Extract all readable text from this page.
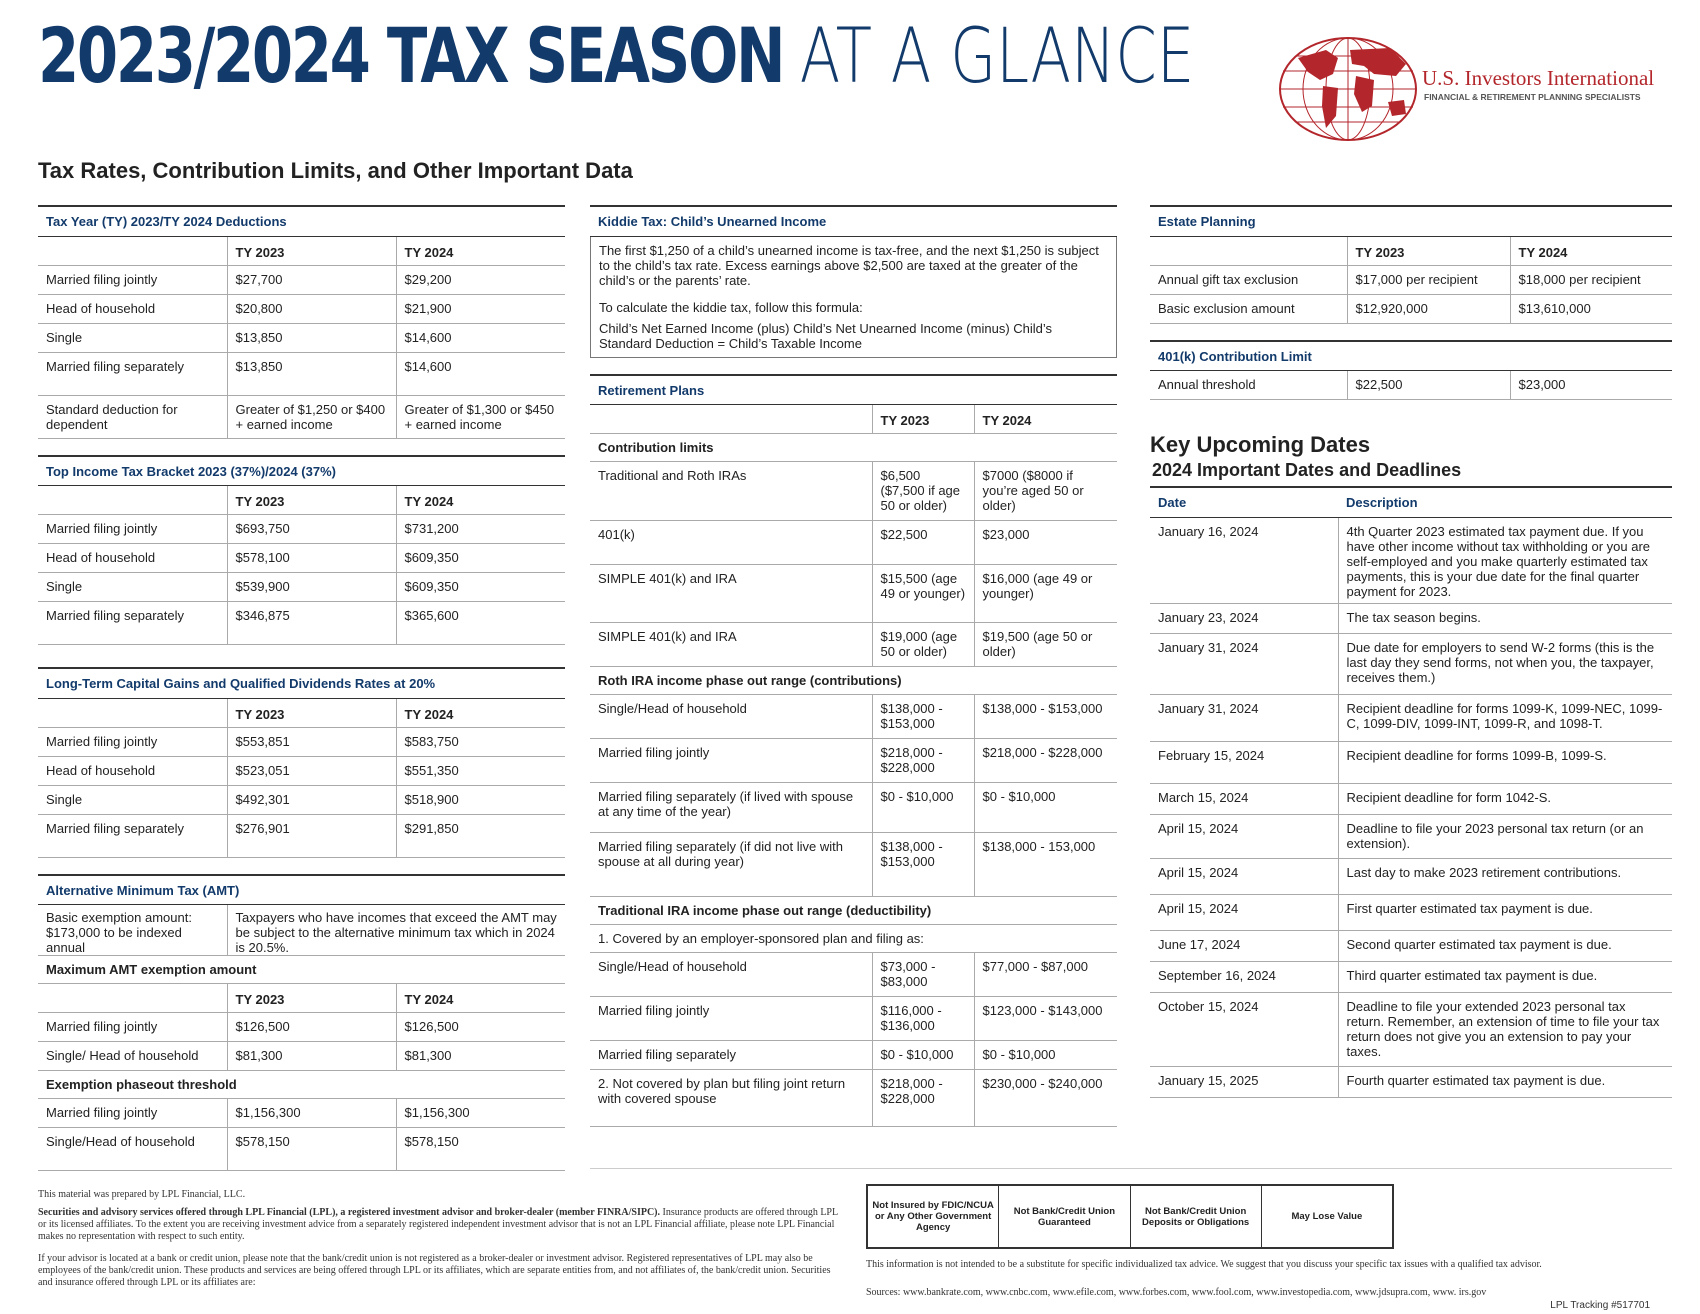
2023/2024 TAX SEASON AT A GLANCE	U.S. Investors International
FINANCIAL & RETIREMENT PLANNING SPECIALISTS
Tax Rates, Contribution Limits, and Other Important Data
Tax Year (TY) 2023/TY 2024 Deductions		
	TY 2023	TY 2024
Married filing jointly	$27,700	$29,200
Head of household	$20,800	$21,900
Single	$13,850	$14,600
Married filing separately	$13,850	$14,600
Standard deduction for dependent	Greater of $1,250 or $400 + earned income	Greater of $1,300 or $450 + earned income
Top Income Tax Bracket 2023 (37%)/2024 (37%)		
	TY 2023	TY 2024
Married filing jointly	$693,750	$731,200
Head of household	$578,100	$609,350
Single	$539,900	$609,350
Married filing separately	$346,875	$365,600
Long-Term Capital Gains and Qualified Dividends Rates at 20%		
	TY 2023	TY 2024
Married filing jointly	$553,851	$583,750
Head of household	$523,051	$551,350
Single	$492,301	$518,900
Married filing separately	$276,901	$291,850
Alternative Minimum Tax (AMT)		
Basic exemption amount: $173,000 to be indexed annual	Taxpayers who have incomes that exceed the AMT may be subject to the alternative minimum tax which in 2024 is 20.5%.	
Maximum AMT exemption amount		
	TY 2023	TY 2024
Married filing jointly	$126,500	$126,500
Single/ Head of household	$81,300	$81,300
Exemption phaseout threshold		
Married filing jointly	$1,156,300	$1,156,300
Single/Head of household	$578,150	$578,150
Kiddie Tax: Child’s Unearned Income

The first $1,250 of a child’s unearned income is tax-free, and the next $1,250 is subject to the child’s tax rate. Excess earnings above $2,500 are taxed at the greater of the child’s or the parents’ rate.

To calculate the kiddie tax, follow this formula:

Child’s Net Earned Income (plus) Child’s Net Unearned Income (minus) Child’s Standard Deduction = Child’s Taxable Income

Retirement Plans		
	TY 2023	TY 2024
Contribution limits		
Traditional and Roth IRAs	$6,500 ($7,500 if age 50 or older)	$7000 ($8000 if you’re aged 50 or older)
401(k)	$22,500	$23,000
SIMPLE 401(k) and IRA	$15,500 (age 49 or younger)	$16,000 (age 49 or younger)
SIMPLE 401(k) and IRA	$19,000 (age 50 or older)	$19,500 (age 50 or older)
Roth IRA income phase out range (contributions)		
Single/Head of household	$138,000 - $153,000	$138,000 - $153,000
Married filing jointly	$218,000 - $228,000	$218,000 - $228,000
Married filing separately (if lived with spouse at any time of the year)	$0 - $10,000	$0 - $10,000
Married filing separately (if did not live with spouse at all during year)	$138,000 - $153,000	$138,000 - 153,000
Traditional IRA income phase out range (deductibility)		
1. Covered by an employer-sponsored plan and filing as:		
Single/Head of household	$73,000 - $83,000	$77,000 - $87,000
Married filing jointly	$116,000 - $136,000	$123,000 - $143,000
Married filing separately	$0 - $10,000	$0 - $10,000
2. Not covered by plan but filing joint return with covered spouse	$218,000 - $228,000	$230,000 - $240,000
Estate Planning		
	TY 2023	TY 2024
Annual gift tax exclusion	$17,000 per recipient	$18,000 per recipient
Basic exclusion amount	$12,920,000	$13,610,000
401(k) Contribution Limit
Annual threshold	$22,500	$23,000
Key Upcoming Dates
2024 Important Dates and Deadlines
Date	Description
January 16, 2024	4th Quarter 2023 estimated tax payment due. If you have other income without tax withholding or you are self-employed and you make quarterly estimated tax payments, this is your due date for the final quarter payment for 2023.
January 23, 2024	The tax season begins.
January 31, 2024	Due date for employers to send W-2 forms (this is the last day they send forms, not when you, the taxpayer, receives them.)
January 31, 2024	Recipient deadline for forms 1099-K, 1099-NEC, 1099-C, 1099-DIV, 1099-INT, 1099-R, and 1098-T.
February 15, 2024	Recipient deadline for forms 1099-B, 1099-S.
March 15, 2024	Recipient deadline for form 1042-S.
April 15, 2024	Deadline to file your 2023 personal tax return (or an extension).
April 15, 2024	Last day to make 2023 retirement contributions.
April 15, 2024	First quarter estimated tax payment is due.
June 17, 2024	Second quarter estimated tax payment is due.
September 16, 2024	Third quarter estimated tax payment is due.
October 15, 2024	Deadline to file your extended 2023 personal tax return. Remember, an extension of time to file your tax return does not give you an extension to pay your taxes.
January 15, 2025	Fourth quarter estimated tax payment is due.
This material was prepared by LPL Financial, LLC.
Securities and advisory services offered through LPL Financial (LPL), a registered investment advisor and broker-dealer (member FINRA/SIPC). Insurance products are offered through LPL or its licensed affiliates. To the extent you are receiving investment advice from a separately registered independent investment advisor that is not an LPL Financial affiliate, please note LPL Financial makes no representation with respect to such entity.
If your advisor is located at a bank or credit union, please note that the bank/credit union is not registered as a broker-dealer or investment advisor. Registered representatives of LPL may also be employees of the bank/credit union. These products and services are being offered through LPL or its affiliates, which are separate entities from, and not affiliates of, the bank/credit union. Securities and insurance offered through LPL or its affiliates are:
Not Insured by FDIC/NCUA or Any Other Government Agency
Not Bank/Credit Union Guaranteed
Not Bank/Credit Union Deposits or Obligations	May Lose Value
This information is not intended to be a substitute for specific individualized tax advice. We suggest that you discuss your specific tax issues with a qualified tax advisor.
Sources: www.bankrate.com, www.cnbc.com, www.efile.com, www.forbes.com, www.fool.com, www.investopedia.com, www.jdsupra.com, www. irs.gov
LPL Tracking #517701
